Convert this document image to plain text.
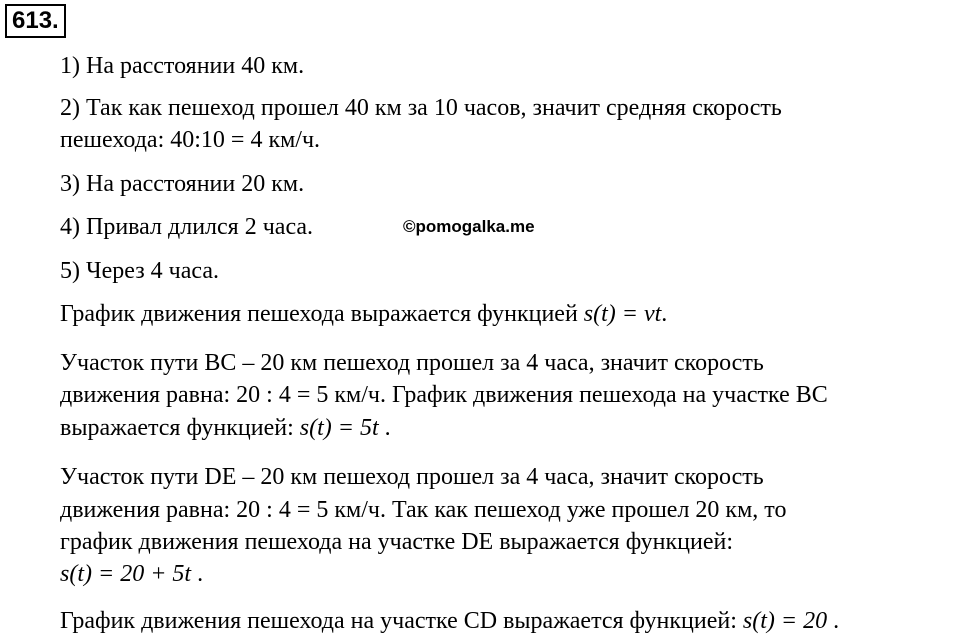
613.
1) На расстоянии 40 км.
2) Так как пешеход прошел 40 км за 10 часов, значит средняя скорость
пешехода: 40:10 = 4 км/ч.
3) На расстоянии 20 км.
4) Привал длился 2 часа.	©pomogalka.me
5) Через 4 часа.
График движения пешехода выражается функцией s(t) = vt.
Участок пути BC – 20 км пешеход прошел за 4 часа, значит скорость
движения равна: 20 : 4 = 5 км/ч. График движения пешехода на участке BC
выражается функцией: s(t) = 5t .
Участок пути DE – 20 км пешеход прошел за 4 часа, значит скорость
движения равна: 20 : 4 = 5 км/ч. Так как пешеход уже прошел 20 км, то
график движения пешехода на участке DE выражается функцией:
s(t) = 20 + 5t .
График движения пешехода на участке CD выражается функцией: s(t) = 20 .
